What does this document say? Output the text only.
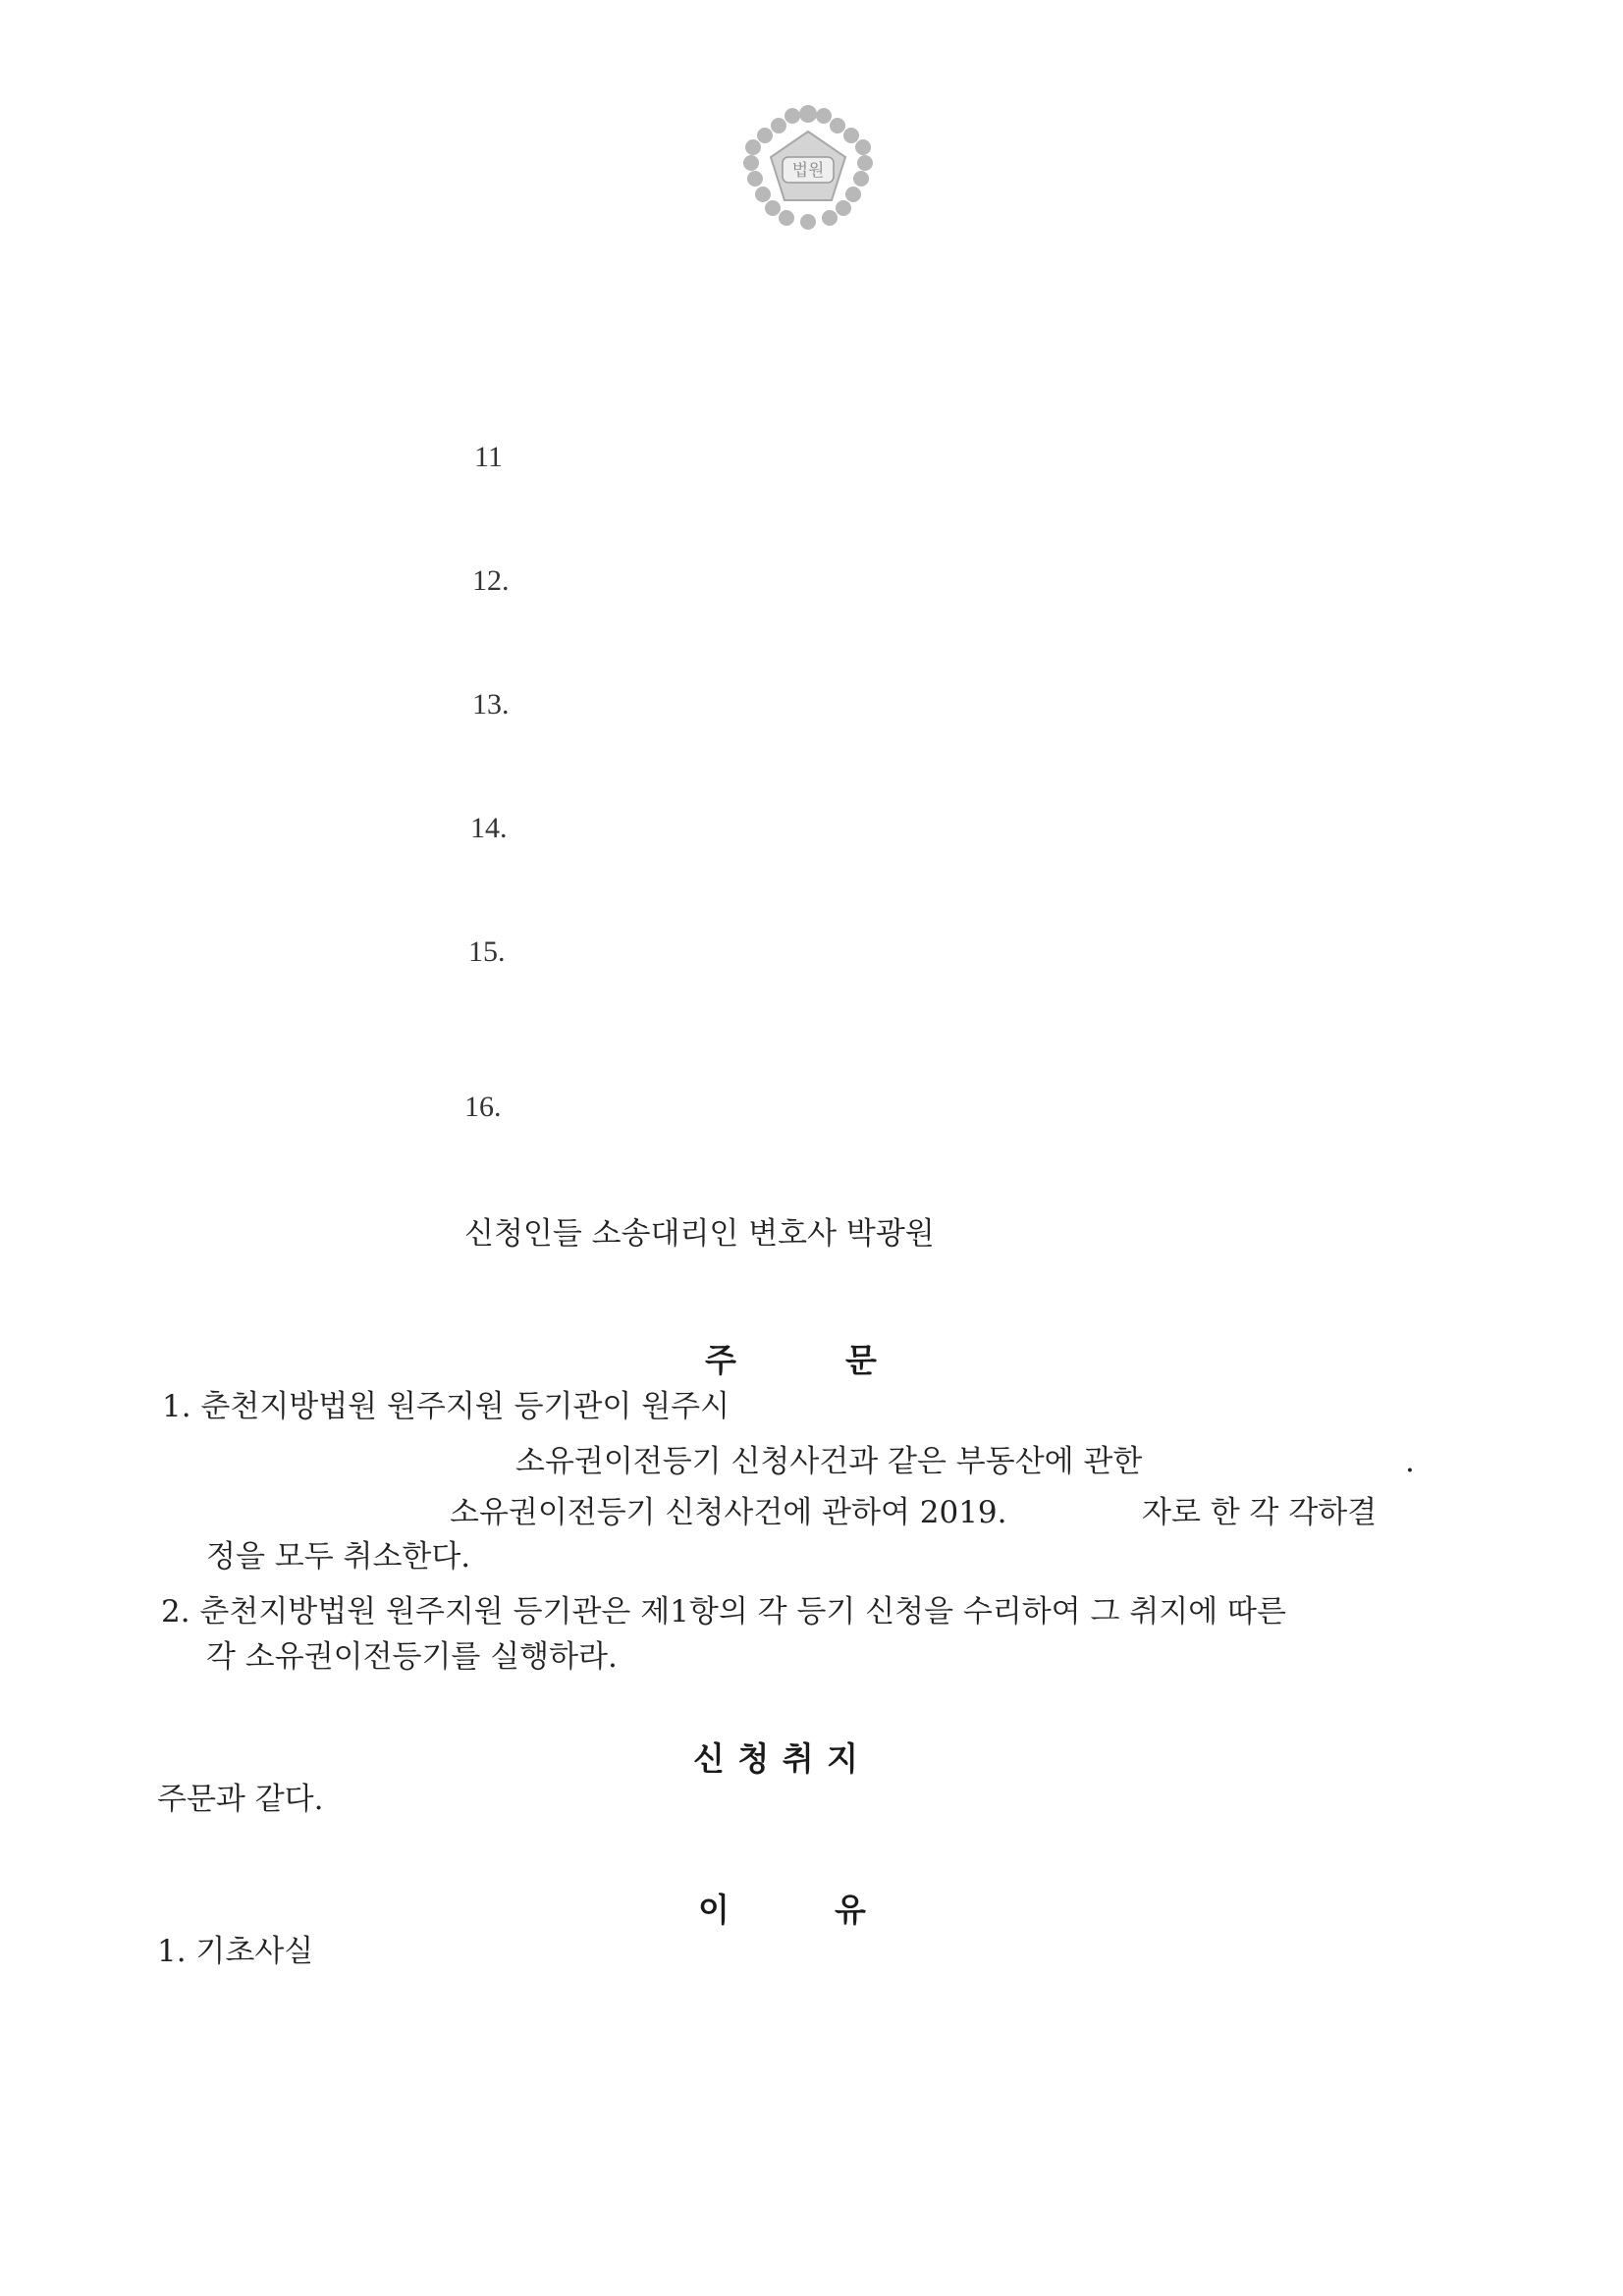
법원
11
12.
13.
14.
15.
16.
신청인들 소송대리인 변호사 박광원
주	문
1. 춘천지방법원 원주지원 등기관이 원주시
소유권이전등기 신청사건과 같은 부동산에 관한	.
소유권이전등기 신청사건에 관하여 2019.	자로 한 각 각하결
정을 모두 취소한다.
2. 춘천지방법원 원주지원 등기관은 제1항의 각 등기 신청을 수리하여 그 취지에 따른
각 소유권이전등기를 실행하라.
신 청 취 지
주문과 같다.
이	유
1. 기초사실
